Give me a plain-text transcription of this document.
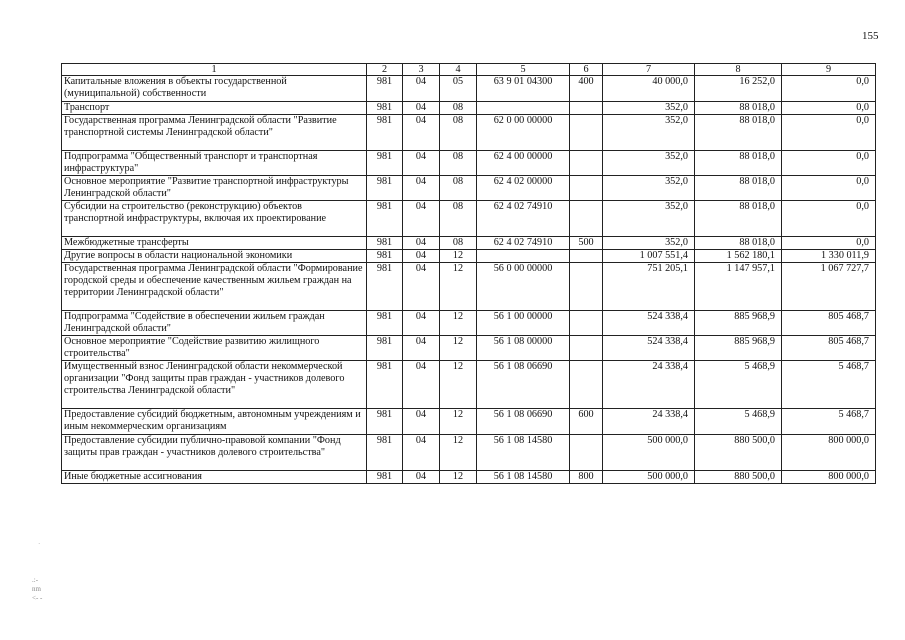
155
·
.:-
nm
<- -
1	2	3	4	5	6	7	8	9
Капитальные вложения в объекты государственной (муниципальной) собственности	981	04	05	63 9 01 04300	400	40 000,0	16 252,0	0,0
Транспорт	981	04	08			352,0	88 018,0	0,0
Государственная программа Ленинградской области "Развитие транспортной системы Ленинградской области"	981	04	08	62 0 00 00000		352,0	88 018,0	0,0
Подпрограмма "Общественный транспорт и транспортная инфраструктура"	981	04	08	62 4 00 00000		352,0	88 018,0	0,0
Основное мероприятие "Развитие транспортной инфраструктуры Ленинградской области"	981	04	08	62 4 02 00000		352,0	88 018,0	0,0
Субсидии на строительство (реконструкцию) объектов транспортной инфраструктуры, включая их проектирование	981	04	08	62 4 02 74910		352,0	88 018,0	0,0
Межбюджетные трансферты	981	04	08	62 4 02 74910	500	352,0	88 018,0	0,0
Другие вопросы в области национальной экономики	981	04	12			1 007 551,4	1 562 180,1	1 330 011,9
Государственная программа Ленинградской области "Формирование городской среды и обеспечение качественным жильем граждан на территории Ленинградской области"	981	04	12	56 0 00 00000		751 205,1	1 147 957,1	1 067 727,7
Подпрограмма "Содействие в обеспечении жильем граждан Ленинградской области"	981	04	12	56 1 00 00000		524 338,4	885 968,9	805 468,7
Основное мероприятие "Содействие развитию жилищного строительства"	981	04	12	56 1 08 00000		524 338,4	885 968,9	805 468,7
Имущественный взнос Ленинградской области некоммерческой организации "Фонд защиты прав граждан - участников долевого строительства Ленинградской области"	981	04	12	56 1 08 06690		24 338,4	5 468,9	5 468,7
Предоставление субсидий бюджетным, автономным учреждениям и иным некоммерческим организациям	981	04	12	56 1 08 06690	600	24 338,4	5 468,9	5 468,7
Предоставление субсидии публично-правовой компании "Фонд защиты прав граждан - участников долевого строительства"	981	04	12	56 1 08 14580		500 000,0	880 500,0	800 000,0
Иные бюджетные ассигнования	981	04	12	56 1 08 14580	800	500 000,0	880 500,0	800 000,0
